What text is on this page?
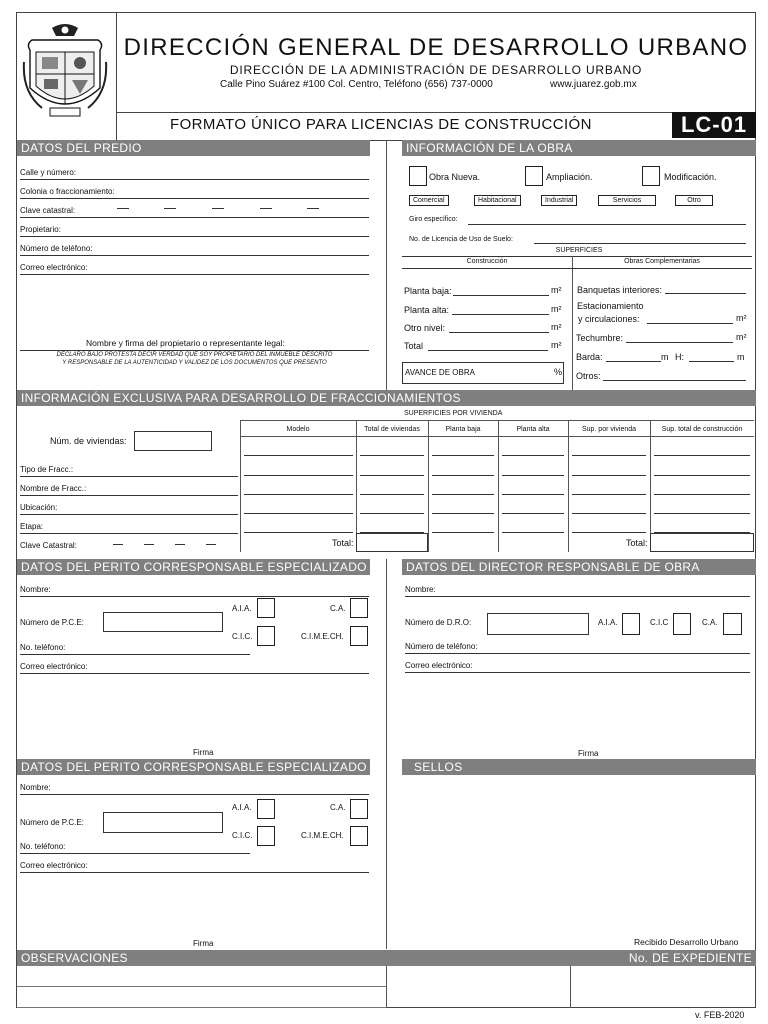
DIRECCIÓN GENERAL DE DESARROLLO URBANO
DIRECCIÓN DE LA ADMINISTRACIÓN DE DESARROLLO URBANO
Calle Pino Suárez #100 Col. Centro, Teléfono (656) 737-0000	www.juarez.gob.mx
FORMATO ÚNICO PARA LICENCIAS DE CONSTRUCCIÓN	LC-01
DATOS DEL PREDIO
Calle y número:
Colonia o fraccionamiento:
Clave catastral:
Propietario:
Número de teléfono:
Correo electrónico:
Nombre y firma del propietario o representante legal:
DECLARO BAJO PROTESTA DECIR VERDAD QUE SOY PROPIETARIO DEL INMUEBLE DESCRITO
Y RESPONSABLE DE LA AUTENTICIDAD Y VALIDEZ DE LOS DOCUMENTOS QUE PRESENTO
INFORMACIÓN DE LA OBRA
Obra Nueva.	Ampliación.	Modificación.
Comercial	Habitacional	Industrial	Servicios	Otro
Giro específico:
No. de Licencia de Uso de Suelo:
SUPERFICIES
Construcción	Obras Complementarias
Planta baja:	m²
Planta alta:	m²
Otro nivel:	m²
Total	m²
AVANCE DE OBRA	%
Banquetas interiores:
Estacionamiento
y circulaciones:	m²
Techumbre:	m²
Barda:	m H:	m
Otros:
INFORMACIÓN EXCLUSIVA PARA DESARROLLO DE FRACCIONAMIENTOS
SUPERFICIES POR VIVIENDA
Núm. de viviendas:
Modelo	Total de viviendas	Planta baja	Planta alta	Sup. por vivienda	Sup. total de construcción
Total:	Total:
Tipo de Fracc.:
Nombre de Fracc.:
Ubicación:
Etapa:
Clave Catastral:
DATOS DEL PERITO CORRESPONSABLE ESPECIALIZADO	DATOS DEL DIRECTOR RESPONSABLE DE OBRA
Nombre:
Número de P.C.E:
A.I.A.	C.A.
C.I.C.	C.I.M.E.CH.
No. teléfono:
Correo electrónico:
Firma
Nombre:
Número de D.R.O:	A.I.A.	C.I.C	C.A.
Número de teléfono:
Correo electrónico:
Firma
DATOS DEL PERITO CORRESPONSABLE ESPECIALIZADO	SELLOS
Nombre:
Número de P.C.E:
A.I.A.	C.A.
C.I.C.	C.I.M.E.CH.
No. teléfono:
Correo electrónico:
Firma	Recibido Desarrollo Urbano
OBSERVACIONES	No. DE EXPEDIENTE
v. FEB-2020
